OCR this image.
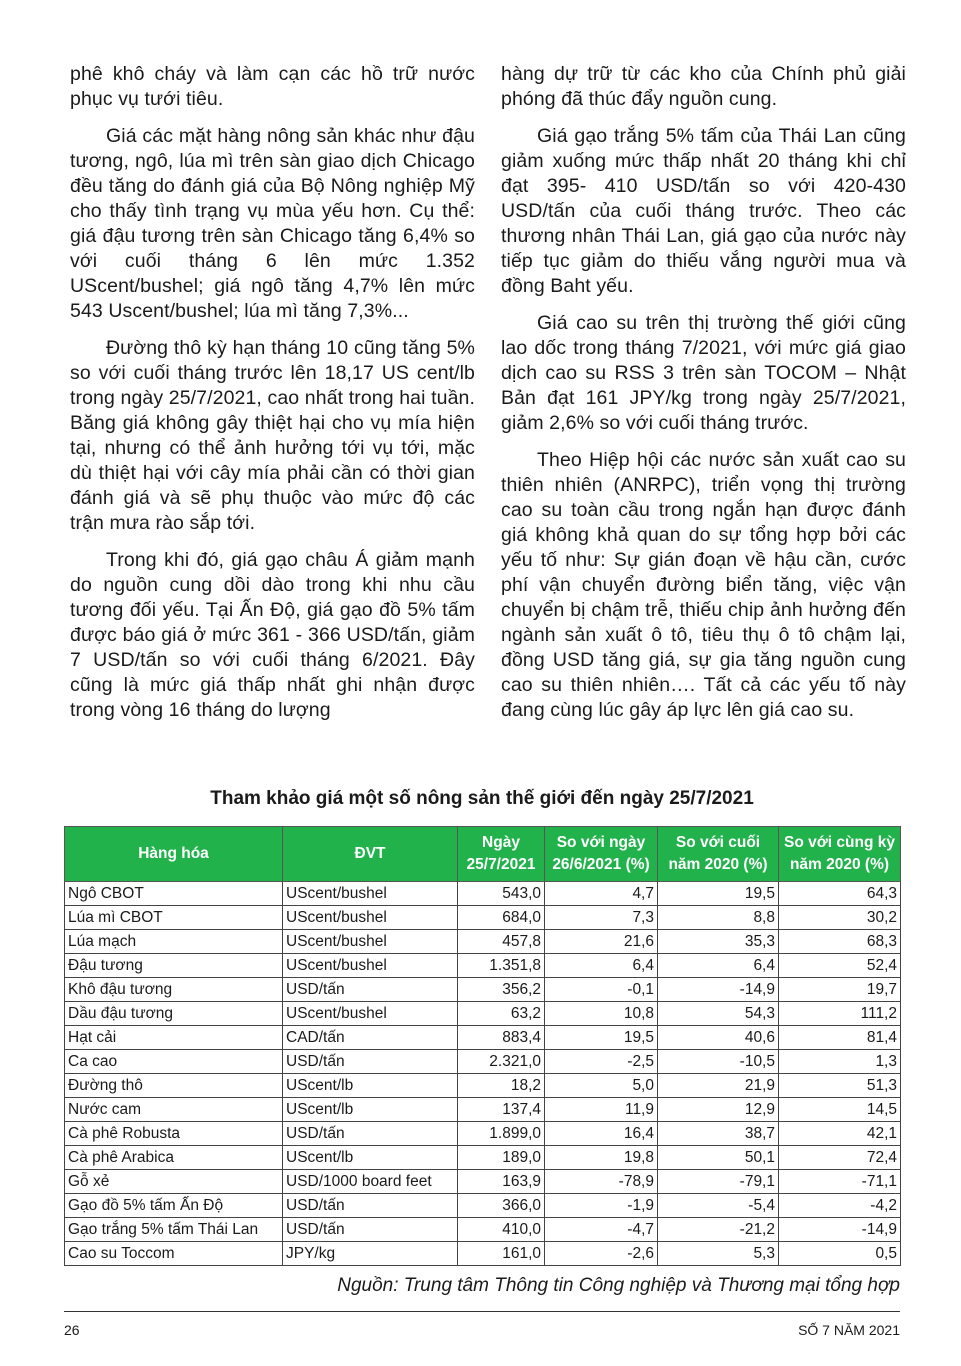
phê khô cháy và làm cạn các hồ trữ nước phục vụ tưới tiêu.

Giá các mặt hàng nông sản khác như đậu tương, ngô, lúa mì trên sàn giao dịch Chicago đều tăng do đánh giá của Bộ Nông nghiệp Mỹ cho thấy tình trạng vụ mùa yếu hơn. Cụ thể: giá đậu tương trên sàn Chicago tăng 6,4% so với cuối tháng 6 lên mức 1.352 UScent/bushel; giá ngô tăng 4,7% lên mức 543 Uscent/bushel; lúa mì tăng 7,3%...

Đường thô kỳ hạn tháng 10 cũng tăng 5% so với cuối tháng trước lên 18,17 US cent/lb trong ngày 25/7/2021, cao nhất trong hai tuần. Băng giá không gây thiệt hại cho vụ mía hiện tại, nhưng có thể ảnh hưởng tới vụ tới, mặc dù thiệt hại với cây mía phải cần có thời gian đánh giá và sẽ phụ thuộc vào mức độ các trận mưa rào sắp tới.

Trong khi đó, giá gạo châu Á giảm mạnh do nguồn cung dồi dào trong khi nhu cầu tương đối yếu. Tại Ấn Độ, giá gạo đồ 5% tấm được báo giá ở mức 361 - 366 USD/tấn, giảm 7 USD/tấn so với cuối tháng 6/2021. Đây cũng là mức giá thấp nhất ghi nhận được trong vòng 16 tháng do lượng

hàng dự trữ từ các kho của Chính phủ giải phóng đã thúc đẩy nguồn cung.

Giá gạo trắng 5% tấm của Thái Lan cũng giảm xuống mức thấp nhất 20 tháng khi chỉ đạt 395- 410 USD/tấn so với 420-430 USD/tấn của cuối tháng trước. Theo các thương nhân Thái Lan, giá gạo của nước này tiếp tục giảm do thiếu vắng người mua và đồng Baht yếu.

Giá cao su trên thị trường thế giới cũng lao dốc trong tháng 7/2021, với mức giá giao dịch cao su RSS 3 trên sàn TOCOM – Nhật Bản đạt 161 JPY/kg trong ngày 25/7/2021, giảm 2,6% so với cuối tháng trước.

Theo Hiệp hội các nước sản xuất cao su thiên nhiên (ANRPC), triển vọng thị trường cao su toàn cầu trong ngắn hạn được đánh giá không khả quan do sự tổng hợp bởi các yếu tố như: Sự gián đoạn về hậu cần, cước phí vận chuyển đường biển tăng, việc vận chuyển bị chậm trễ, thiếu chip ảnh hưởng đến ngành sản xuất ô tô, tiêu thụ ô tô chậm lại, đồng USD tăng giá, sự gia tăng nguồn cung cao su thiên nhiên…. Tất cả các yếu tố này đang cùng lúc gây áp lực lên giá cao su.

Tham khảo giá một số nông sản thế giới đến ngày 25/7/2021
Hàng hóa	ĐVT	Ngày 25/7/2021	So với ngày 26/6/2021 (%)	So với cuối năm 2020 (%)	So với cùng kỳ năm 2020 (%)
Ngô CBOT	UScent/bushel	543,0	4,7	19,5	64,3
Lúa mì CBOT	UScent/bushel	684,0	7,3	8,8	30,2
Lúa mạch	UScent/bushel	457,8	21,6	35,3	68,3
Đậu tương	UScent/bushel	1.351,8	6,4	6,4	52,4
Khô đậu tương	USD/tấn	356,2	-0,1	-14,9	19,7
Dầu đậu tương	UScent/bushel	63,2	10,8	54,3	111,2
Hạt cải	CAD/tấn	883,4	19,5	40,6	81,4
Ca cao	USD/tấn	2.321,0	-2,5	-10,5	1,3
Đường thô	UScent/lb	18,2	5,0	21,9	51,3
Nước cam	UScent/lb	137,4	11,9	12,9	14,5
Cà phê Robusta	USD/tấn	1.899,0	16,4	38,7	42,1
Cà phê Arabica	UScent/lb	189,0	19,8	50,1	72,4
Gỗ xẻ	USD/1000 board feet	163,9	-78,9	-79,1	-71,1
Gạo đồ 5% tấm Ấn Độ	USD/tấn	366,0	-1,9	-5,4	-4,2
Gạo trắng 5% tấm Thái Lan	USD/tấn	410,0	-4,7	-21,2	-14,9
Cao su Toccom	JPY/kg	161,0	-2,6	5,3	0,5
Nguồn: Trung tâm Thông tin Công nghiệp và Thương mại tổng hợp
26	SỐ 7 NĂM 2021
